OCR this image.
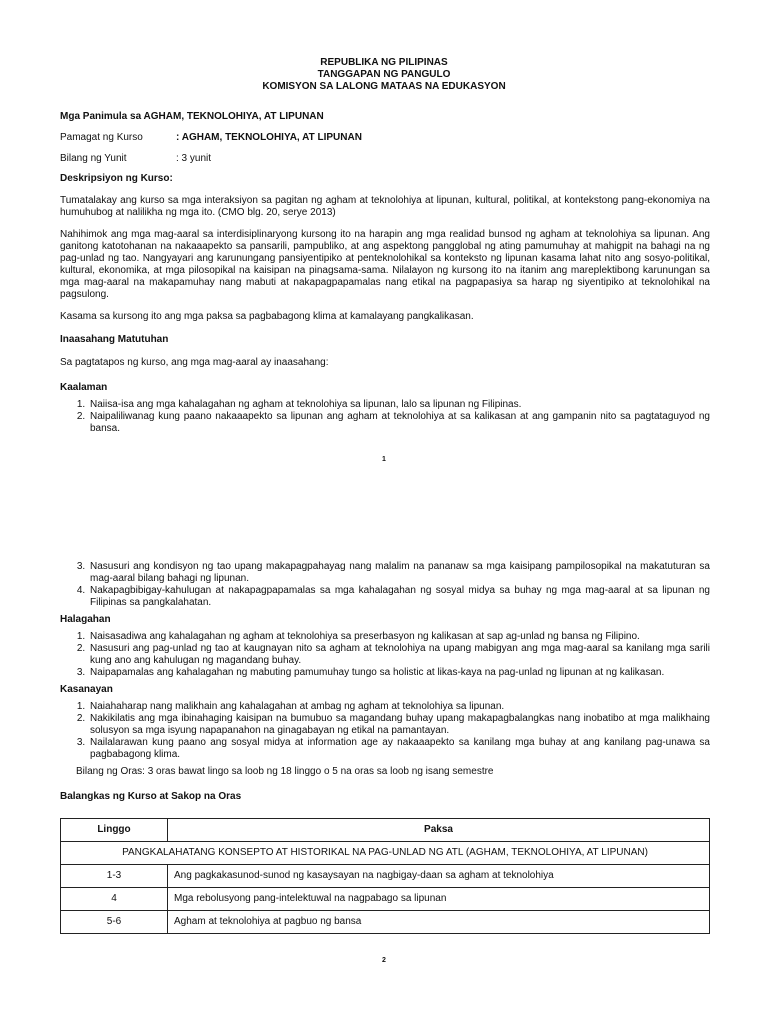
REPUBLIKA NG PILIPINAS
TANGGAPAN NG PANGULO
KOMISYON SA LALONG MATAAS NA EDUKASYON
Mga Panimula sa AGHAM, TEKNOLOHIYA, AT LIPUNAN
Pamagat ng Kurso	: AGHAM, TEKNOLOHIYA, AT LIPUNAN
Bilang ng Yunit	: 3 yunit
Deskripsiyon ng Kurso:

Tumatalakay ang kurso sa mga interaksiyon sa pagitan ng agham at teknolohiya at lipunan, kultural, politikal, at kontekstong pang-ekonomiya na humuhubog at nalilikha ng mga ito. (CMO blg. 20, serye 2013)

Nahihimok ang mga mag-aaral sa interdisiplinaryong kursong ito na harapin ang mga realidad bunsod ng agham at teknolohiya sa lipunan. Ang ganitong katotohanan na nakaaapekto sa pansarili, pampubliko, at ang aspektong pangglobal ng ating pamumuhay at mahigpit na bahagi na ng pag-unlad ng tao. Nangyayari ang karunungang pansiyentipiko at penteknolohikal sa konteksto ng lipunan kasama lahat nito ang sosyo-politikal, kultural, ekonomika, at mga pilosopikal na kaisipan na pinagsama-sama. Nilalayon ng kursong ito na itanim ang mareplektibong karunungan sa mga mag-aaral na makapamuhay nang mabuti at nakapagpapamalas nang etikal na pagpapasiya sa harap ng siyentipiko at teknolohikal na pagsulong.

Kasama sa kursong ito ang mga paksa sa pagbabagong klima at kamalayang pangkalikasan.

Inaasahang Matutuhan

Sa pagtatapos ng kurso, ang mga mag-aaral ay inaasahang:

Kaalaman
1. Naiisa-isa ang mga kahalagahan ng agham at teknolohiya sa lipunan, lalo sa lipunan ng Filipinas.
2. Naipaliliwanag kung paano nakaaapekto sa lipunan ang agham at teknolohiya at sa kalikasan at ang gampanin nito sa pagtataguyod ng bansa.
1
3. Nasusuri ang kondisyon ng tao upang makapagpahayag nang malalim na pananaw sa mga kaisipang pampilosopikal na makatuturan sa mag-aaral bilang bahagi ng lipunan.
4. Nakapagbibigay-kahulugan at nakapagpapamalas sa mga kahalagahan ng sosyal midya sa buhay ng mga mag-aaral at sa lipunan ng Filipinas sa pangkalahatan.
Halagahan
1. Naisasadiwa ang kahalagahan ng agham at teknolohiya sa preserbasyon ng kalikasan at sap ag-unlad ng bansa ng Filipino.
2. Nasusuri ang pag-unlad ng tao at kaugnayan nito sa agham at teknolohiya na upang mabigyan ang mga mag-aaral sa kanilang mga sarili kung ano ang kahulugan ng magandang buhay.
3. Naipapamalas ang kahalagahan ng mabuting pamumuhay tungo sa holistic at likas-kaya na pag-unlad ng lipunan at ng kalikasan.
Kasanayan
1. Naiahaharap nang malikhain ang kahalagahan at ambag ng agham at teknolohiya sa lipunan.
2. Nakikilatis ang mga ibinahaging kaisipan na bumubuo sa magandang buhay upang makapagbalangkas nang inobatibo at mga malikhaing solusyon sa mga isyung napapanahon na ginagabayan ng etikal na pamantayan.
3. Nailalarawan kung paano ang sosyal midya at information age ay nakaaapekto sa kanilang mga buhay at ang kanilang pag-unawa sa pagbabagong klima.

Bilang ng Oras: 3 oras bawat lingo sa loob ng 18 linggo o 5 na oras sa loob ng isang semestre

Balangkas ng Kurso at Sakop na Oras
Linggo	Paksa
PANGKALAHATANG KONSEPTO AT HISTORIKAL NA PAG-UNLAD NG ATL (AGHAM, TEKNOLOHIYA, AT LIPUNAN)	
1-3	Ang pagkakasunod-sunod ng kasaysayan na nagbigay-daan sa agham at teknolohiya
4	Mga rebolusyong pang-intelektuwal na nagpabago sa lipunan
5-6	Agham at teknolohiya at pagbuo ng bansa
2
